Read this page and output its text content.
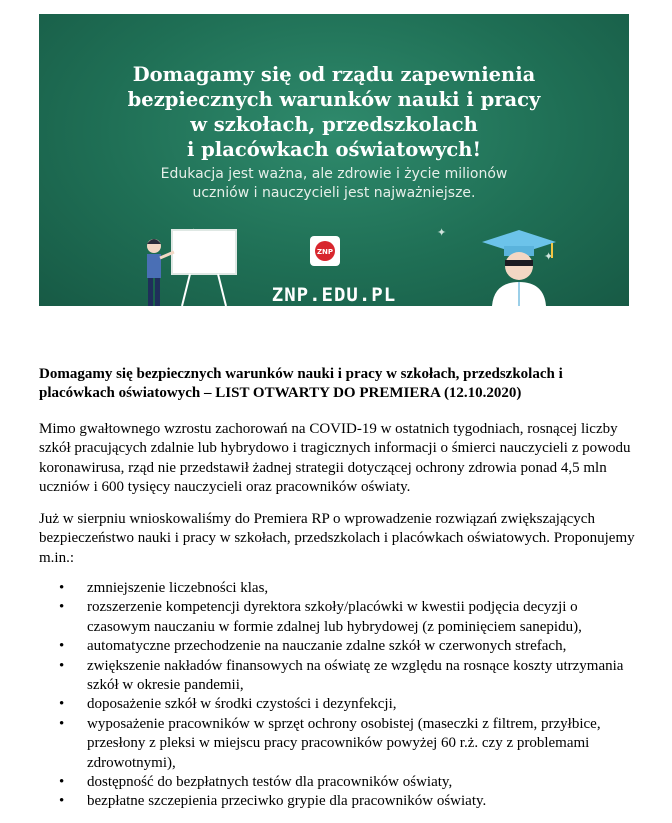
✦
✦
Domagamy się od rządu zapewnienia
bezpiecznych warunków nauki i pracy
w szkołach, przedszkolach
i placówkach oświatowych!
Edukacja jest ważna, ale zdrowie i życie milionów
uczniów i nauczycieli jest najważniejsze.
ZNP
ZNP.EDU.PL

Domagamy się bezpiecznych warunków nauki i pracy w szkołach, przedszkolach i placówkach oświatowych – LIST OTWARTY DO PREMIERA (12.10.2020)

Mimo gwałtownego wzrostu zachorowań na COVID-19 w ostatnich tygodniach, rosnącej liczby szkół pracujących zdalnie lub hybrydowo i tragicznych informacji o śmierci nauczycieli z powodu koronawirusa, rząd nie przedstawił żadnej strategii dotyczącej ochrony zdrowia ponad 4,5 mln uczniów i 600 tysięcy nauczycieli oraz pracowników oświaty.

Już w sierpniu wnioskowaliśmy do Premiera RP o wprowadzenie rozwiązań zwiększających bezpieczeństwo nauki i pracy w szkołach, przedszkolach i placówkach oświatowych. Proponujemy m.in.:

• zmniejszenie liczebności klas,
• rozszerzenie kompetencji dyrektora szkoły/placówki w kwestii podjęcia decyzji o czasowym nauczaniu w formie zdalnej lub hybrydowej (z pominięciem sanepidu),
• automatyczne przechodzenie na nauczanie zdalne szkół w czerwonych strefach,
• zwiększenie nakładów finansowych na oświatę ze względu na rosnące koszty utrzymania szkół w okresie pandemii,
• doposażenie szkół w środki czystości i dezynfekcji,
• wyposażenie pracowników w sprzęt ochrony osobistej (maseczki z filtrem, przyłbice, przesłony z pleksi w miejscu pracy pracowników powyżej 60 r.ż. czy z problemami zdrowotnymi),
• dostępność do bezpłatnych testów dla pracowników oświaty,
• bezpłatne szczepienia przeciwko grypie dla pracowników oświaty.
